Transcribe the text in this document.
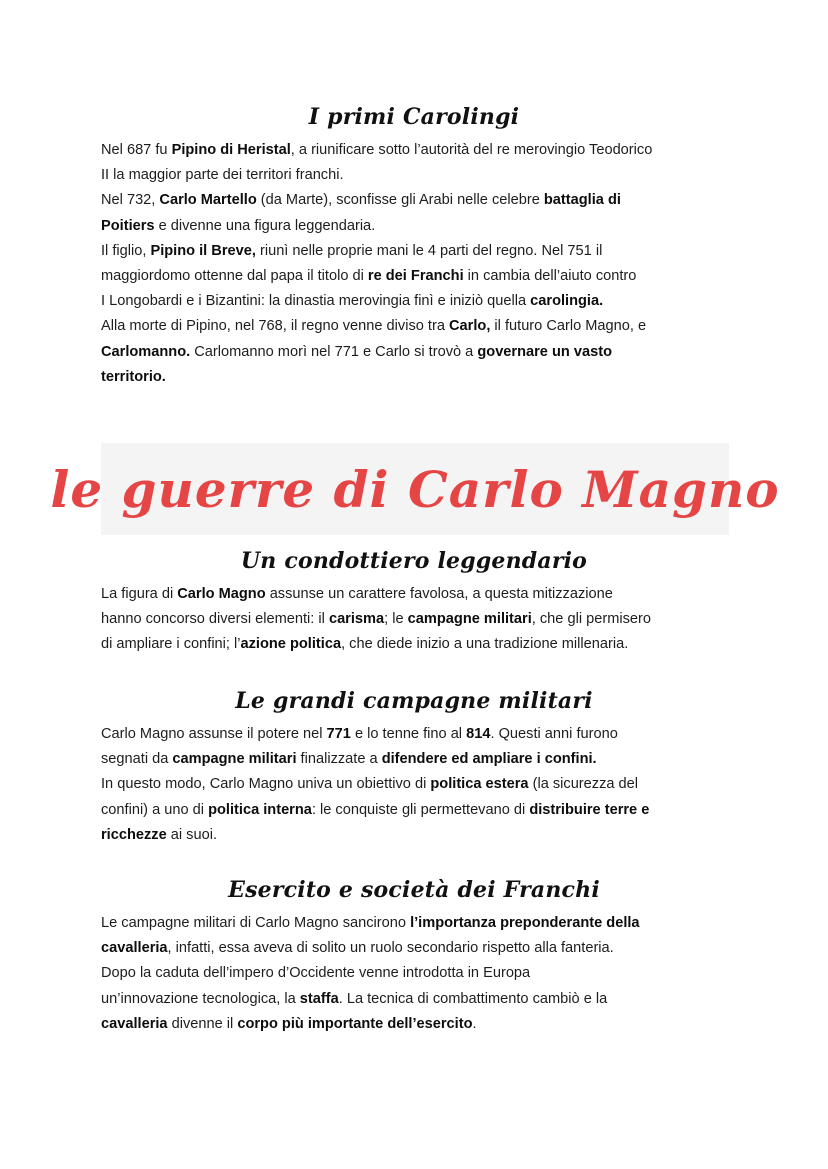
I primi Carolingi
Nel 687 fu Pipino di Heristal, a riunificare sotto l’autorità del re merovingio Teodorico
II la maggior parte dei territori franchi.
Nel 732, Carlo Martello (da Marte), sconfisse gli Arabi nelle celebre battaglia di
Poitiers e divenne una figura leggendaria.
Il figlio, Pipino il Breve, riunì nelle proprie mani le 4 parti del regno. Nel 751 il
maggiordomo ottenne dal papa il titolo di re dei Franchi in cambia dell’aiuto contro
I Longobardi e i Bizantini: la dinastia merovingia finì e iniziò quella carolingia.
Alla morte di Pipino, nel 768, il regno venne diviso tra Carlo, il futuro Carlo Magno, e
Carlomanno. Carlomanno morì nel 771 e Carlo si trovò a governare un vasto
territorio.
le guerre di Carlo Magno
Un condottiero leggendario
La figura di Carlo Magno assunse un carattere favolosa, a questa mitizzazione
hanno concorso diversi elementi: il carisma; le campagne militari, che gli permisero
di ampliare i confini; l’azione politica, che diede inizio a una tradizione millenaria.
Le grandi campagne militari
Carlo Magno assunse il potere nel 771 e lo tenne fino al 814. Questi anni furono
segnati da campagne militari finalizzate a difendere ed ampliare i confini.
In questo modo, Carlo Magno univa un obiettivo di politica estera (la sicurezza del
confini) a uno di politica interna: le conquiste gli permettevano di distribuire terre e
ricchezze ai suoi.
Esercito e società dei Franchi
Le campagne militari di Carlo Magno sancirono l’importanza preponderante della
cavalleria, infatti, essa aveva di solito un ruolo secondario rispetto alla fanteria.
Dopo la caduta dell’impero d’Occidente venne introdotta in Europa
un’innovazione tecnologica, la staffa. La tecnica di combattimento cambiò e la
cavalleria divenne il corpo più importante dell’esercito.
